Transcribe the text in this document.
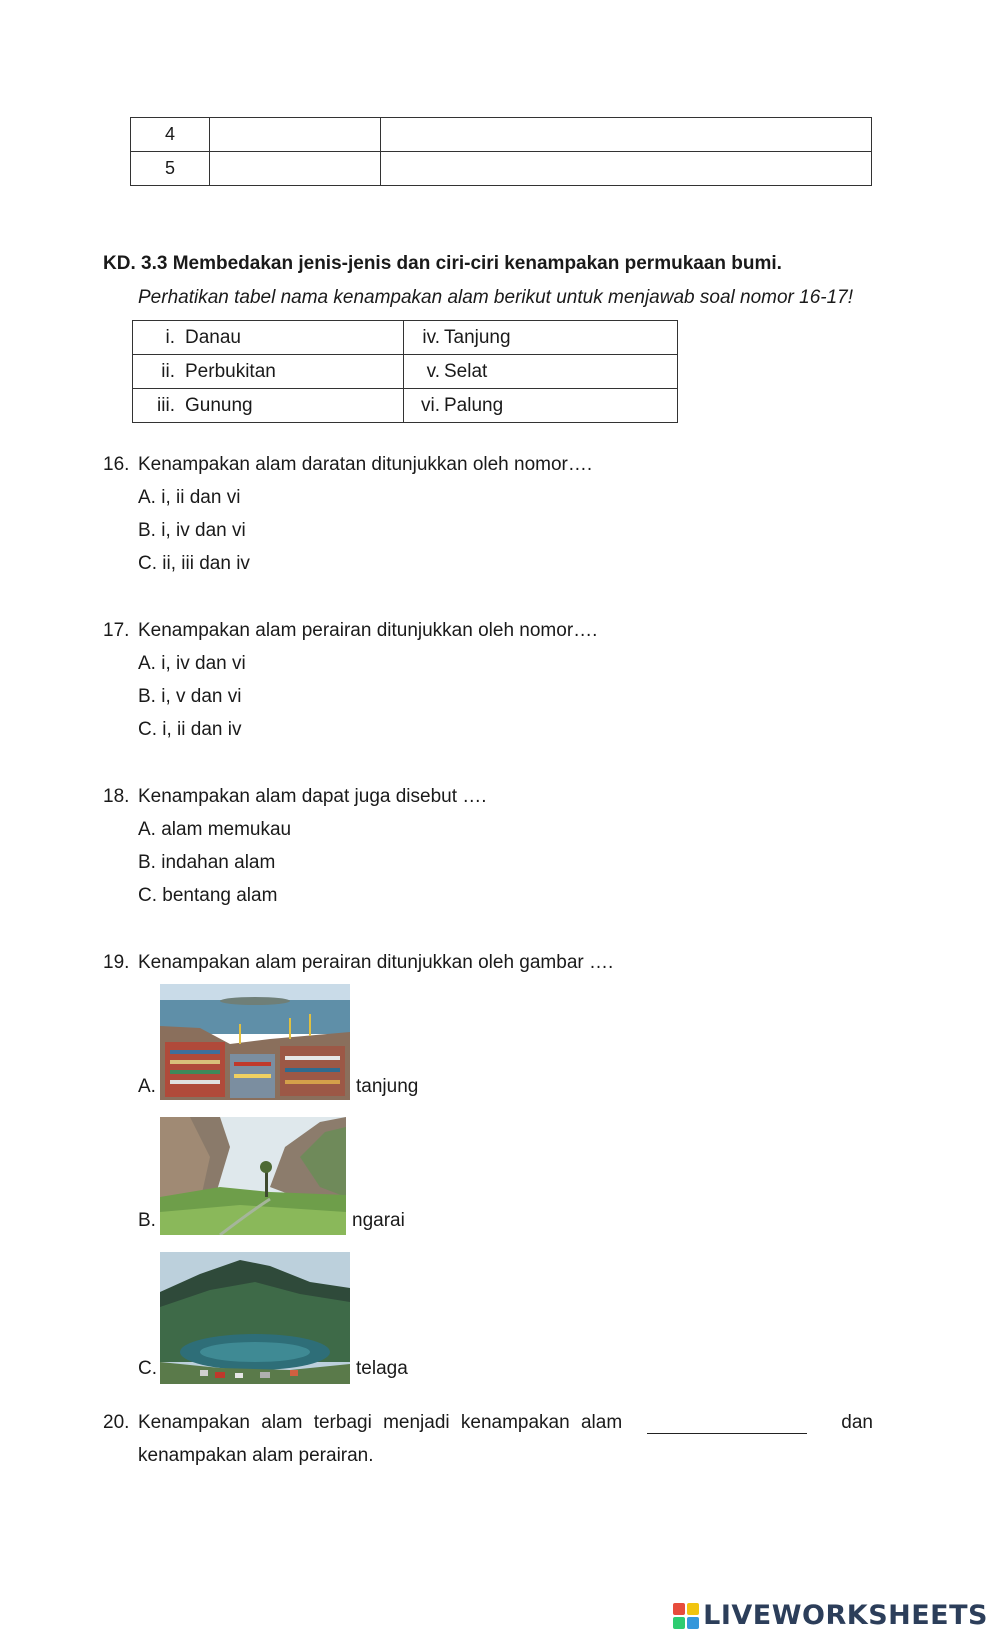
4		
5		
KD. 3.3 Membedakan jenis-jenis dan ciri-ciri kenampakan permukaan bumi.
Perhatikan tabel nama kenampakan alam berikut untuk menjawab soal nomor 16-17!
i. Danau	iv. Tanjung
ii. Perbukitan	v. Selat
iii. Gunung	vi. Palung
16. Kenampakan alam daratan ditunjukkan oleh nomor….
A. i, ii dan vi
B. i, iv dan vi
C. ii, iii dan iv
17. Kenampakan alam perairan ditunjukkan oleh nomor….
A. i, iv dan vi
B. i, v dan vi
C. i, ii dan iv
18. Kenampakan alam dapat juga disebut ….
A. alam memukau
B. indahan alam
C. bentang alam
19. Kenampakan alam perairan ditunjukkan oleh gambar ….
A.	tanjung
B.	ngarai
C.	telaga
20. Kenampakan alam terbagi menjadi kenampakan alam	dan
kenampakan alam perairan.
LIVEWORKSHEETS
